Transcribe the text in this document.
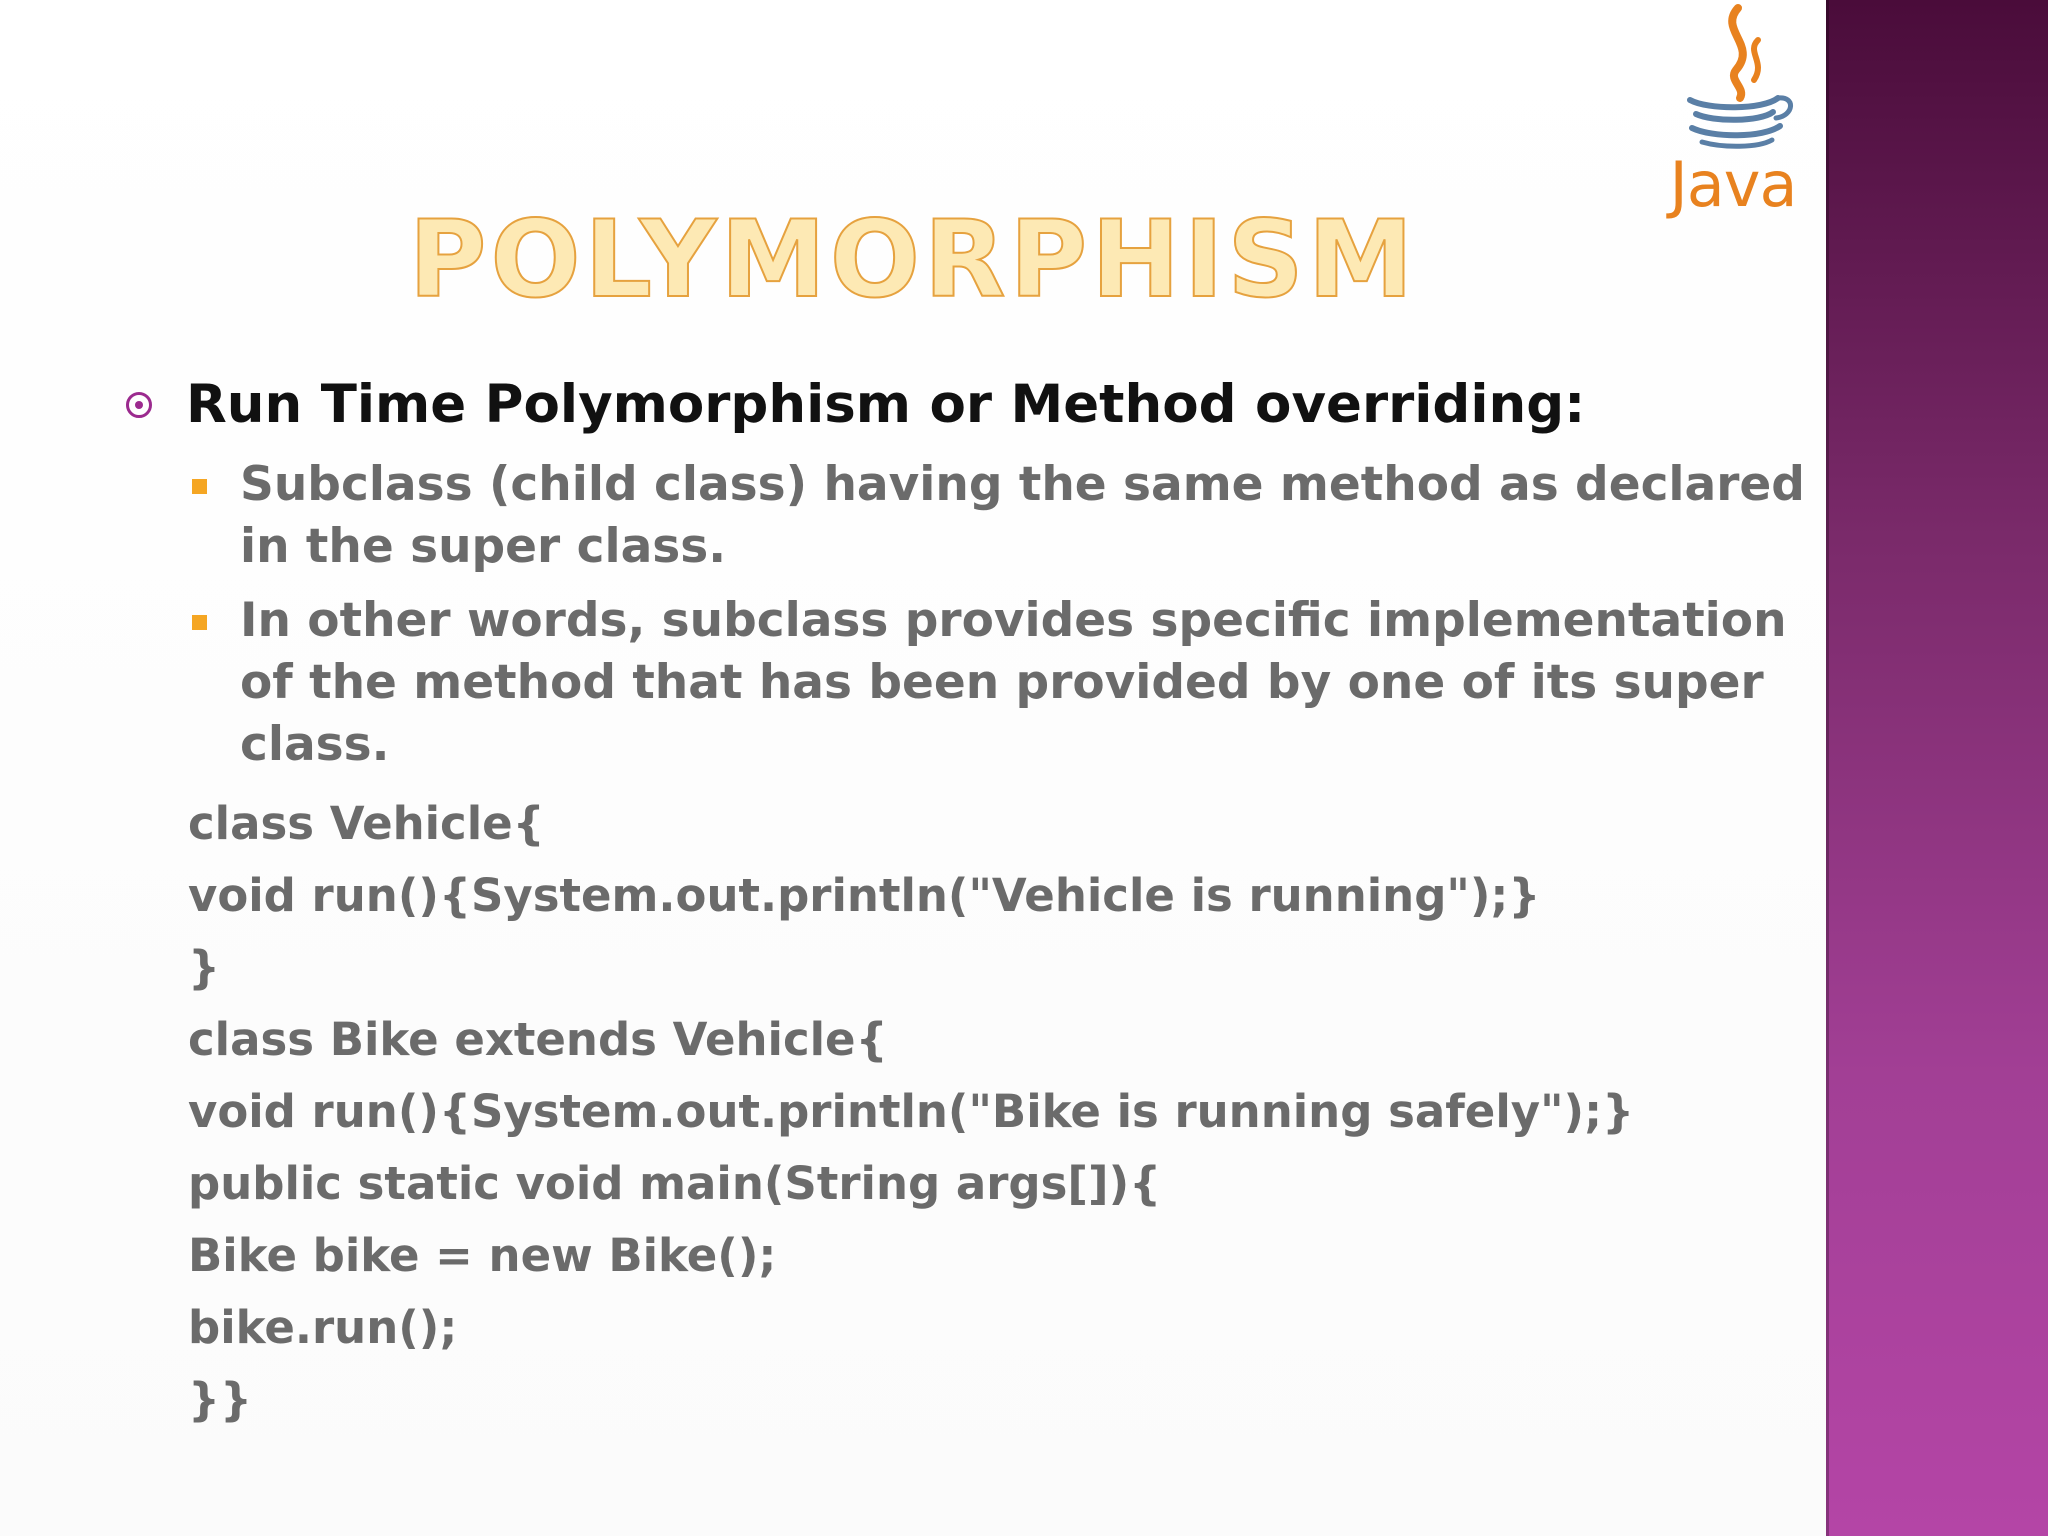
Java
POLYMORPHISM
Run Time Polymorphism or Method overriding:
Subclass (child class) having the same method as declared in the super class.
In other words, subclass provides specific implementation of the method that has been provided by one of its super class.
class Vehicle{
void run(){System.out.println("Vehicle is running");}
}
class Bike extends Vehicle{
void run(){System.out.println("Bike is running safely");}
public static void main(String args[]){
Bike bike = new Bike();
bike.run();
}}
